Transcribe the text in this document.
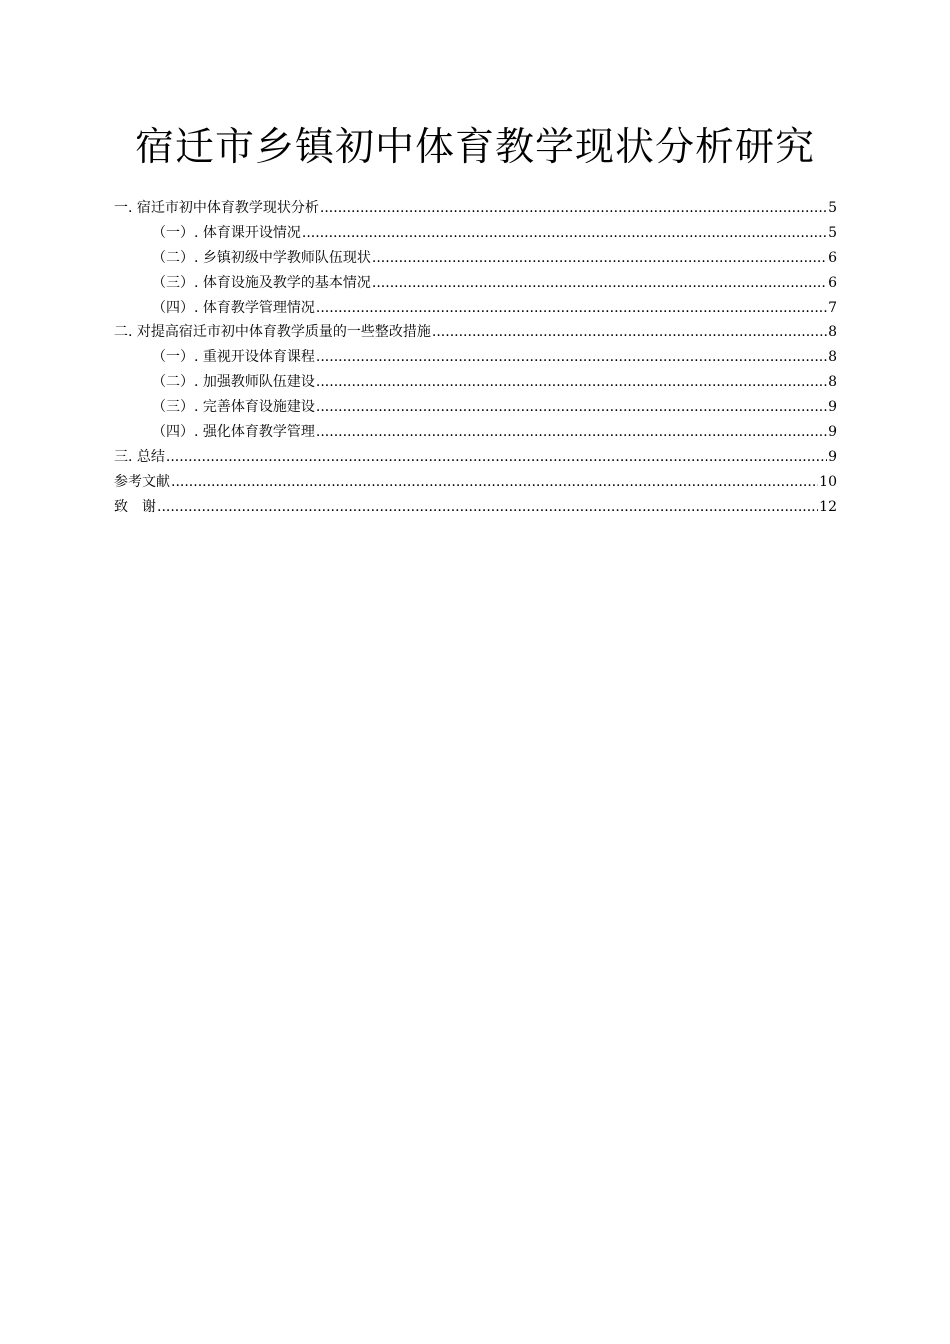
宿迁市乡镇初中体育教学现状分析研究
一. 宿迁市初中体育教学现状分析 .....	5
（一）. 体育课开设情况 .....	5
（二）. 乡镇初级中学教师队伍现状 .....	6
（三）. 体育设施及教学的基本情况 .....	6
（四）. 体育教学管理情况 .....	7
二. 对提高宿迁市初中体育教学质量的一些整改措施 .....	8
（一）. 重视开设体育课程 .....	8
（二）. 加强教师队伍建设 .....	8
（三）. 完善体育设施建设 .....	9
（四）. 强化体育教学管理 .....	9
三. 总结 .....	9
参考文献 .....	10
致　谢 .....	12
